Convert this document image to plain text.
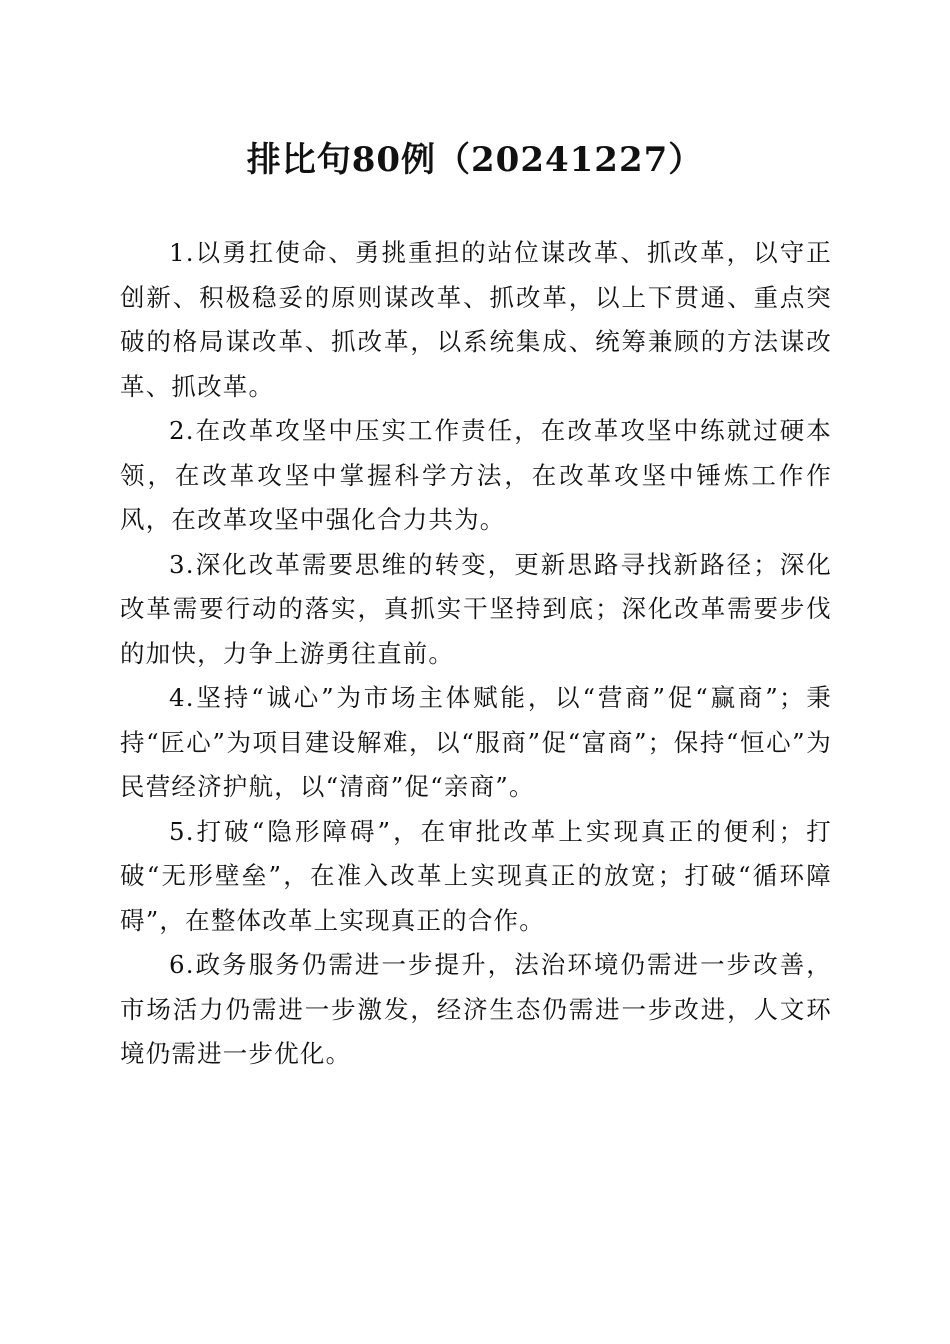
排比句80例（20241227）

1.以勇扛使命、勇挑重担的站位谋改革、抓改革，以守正创新、积极稳妥的原则谋改革、抓改革，以上下贯通、重点突破的格局谋改革、抓改革，以系统集成、统筹兼顾的方法谋改革、抓改革。

2.在改革攻坚中压实工作责任，在改革攻坚中练就过硬本领，在改革攻坚中掌握科学方法，在改革攻坚中锤炼工作作风，在改革攻坚中强化合力共为。

3.深化改革需要思维的转变，更新思路寻找新路径；深化改革需要行动的落实，真抓实干坚持到底；深化改革需要步伐的加快，力争上游勇往直前。

4.坚持“诚心”为市场主体赋能，以“营商”促“赢商”；秉持“匠心”为项目建设解难，以“服商”促“富商”；保持“恒心”为民营经济护航，以“清商”促“亲商”。

5.打破“隐形障碍”，在审批改革上实现真正的便利；打破“无形壁垒”，在准入改革上实现真正的放宽；打破“循环障碍”，在整体改革上实现真正的合作。

6.政务服务仍需进一步提升，法治环境仍需进一步改善，市场活力仍需进一步激发，经济生态仍需进一步改进，人文环境仍需进一步优化。
